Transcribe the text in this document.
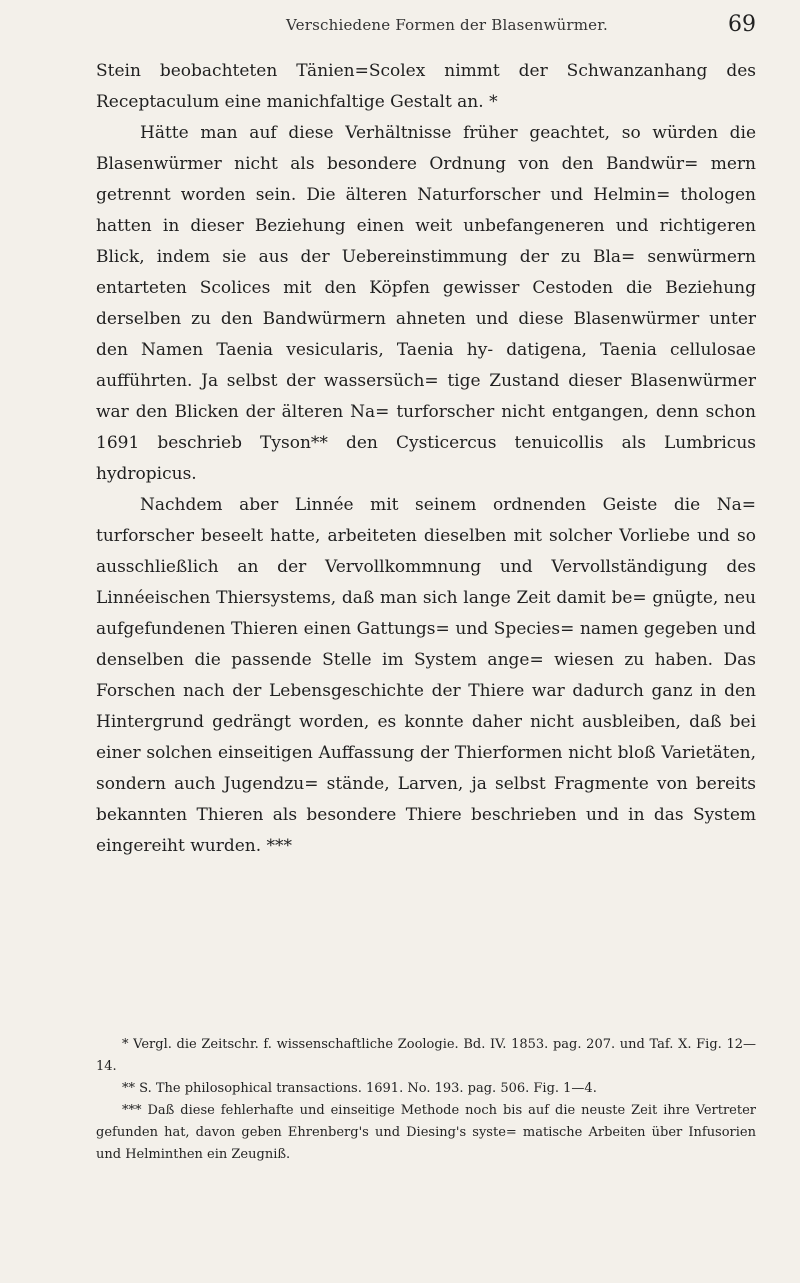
Verschiedene Formen der Blasenwürmer.	69

Stein beobachteten Tänien=Scolex nimmt der Schwanzanhang des Receptaculum eine manichfaltige Gestalt an. *

Hätte man auf diese Verhältnisse früher geachtet, so würden die Blasenwürmer nicht als besondere Ordnung von den Bandwür= mern getrennt worden sein. Die älteren Naturforscher und Helmin= thologen hatten in dieser Beziehung einen weit unbefangeneren und richtigeren Blick, indem sie aus der Uebereinstimmung der zu Bla= senwürmern entarteten Scolices mit den Köpfen gewisser Cestoden die Beziehung derselben zu den Bandwürmern ahneten und diese Blasenwürmer unter den Namen Taenia vesicularis, Taenia hy- datigena, Taenia cellulosae aufführten. Ja selbst der wassersüch= tige Zustand dieser Blasenwürmer war den Blicken der älteren Na= turforscher nicht entgangen, denn schon 1691 beschrieb Tyson** den Cysticercus tenuicollis als Lumbricus hydropicus.

Nachdem aber Linnée mit seinem ordnenden Geiste die Na= turforscher beseelt hatte, arbeiteten dieselben mit solcher Vorliebe und so ausschließlich an der Vervollkommnung und Vervollständigung des Linnéeischen Thiersystems, daß man sich lange Zeit damit be= gnügte, neu aufgefundenen Thieren einen Gattungs= und Species= namen gegeben und denselben die passende Stelle im System ange= wiesen zu haben. Das Forschen nach der Lebensgeschichte der Thiere war dadurch ganz in den Hintergrund gedrängt worden, es konnte daher nicht ausbleiben, daß bei einer solchen einseitigen Auffassung der Thierformen nicht bloß Varietäten, sondern auch Jugendzu= stände, Larven, ja selbst Fragmente von bereits bekannten Thieren als besondere Thiere beschrieben und in das System eingereiht wurden. ***

* Vergl. die Zeitschr. f. wissenschaftliche Zoologie. Bd. IV. 1853. pag. 207. und Taf. X. Fig. 12—14.

** S. The philosophical transactions. 1691. No. 193. pag. 506. Fig. 1—4.

*** Daß diese fehlerhafte und einseitige Methode noch bis auf die neuste Zeit ihre Vertreter gefunden hat, davon geben Ehrenberg's und Diesing's syste= matische Arbeiten über Infusorien und Helminthen ein Zeugniß.
